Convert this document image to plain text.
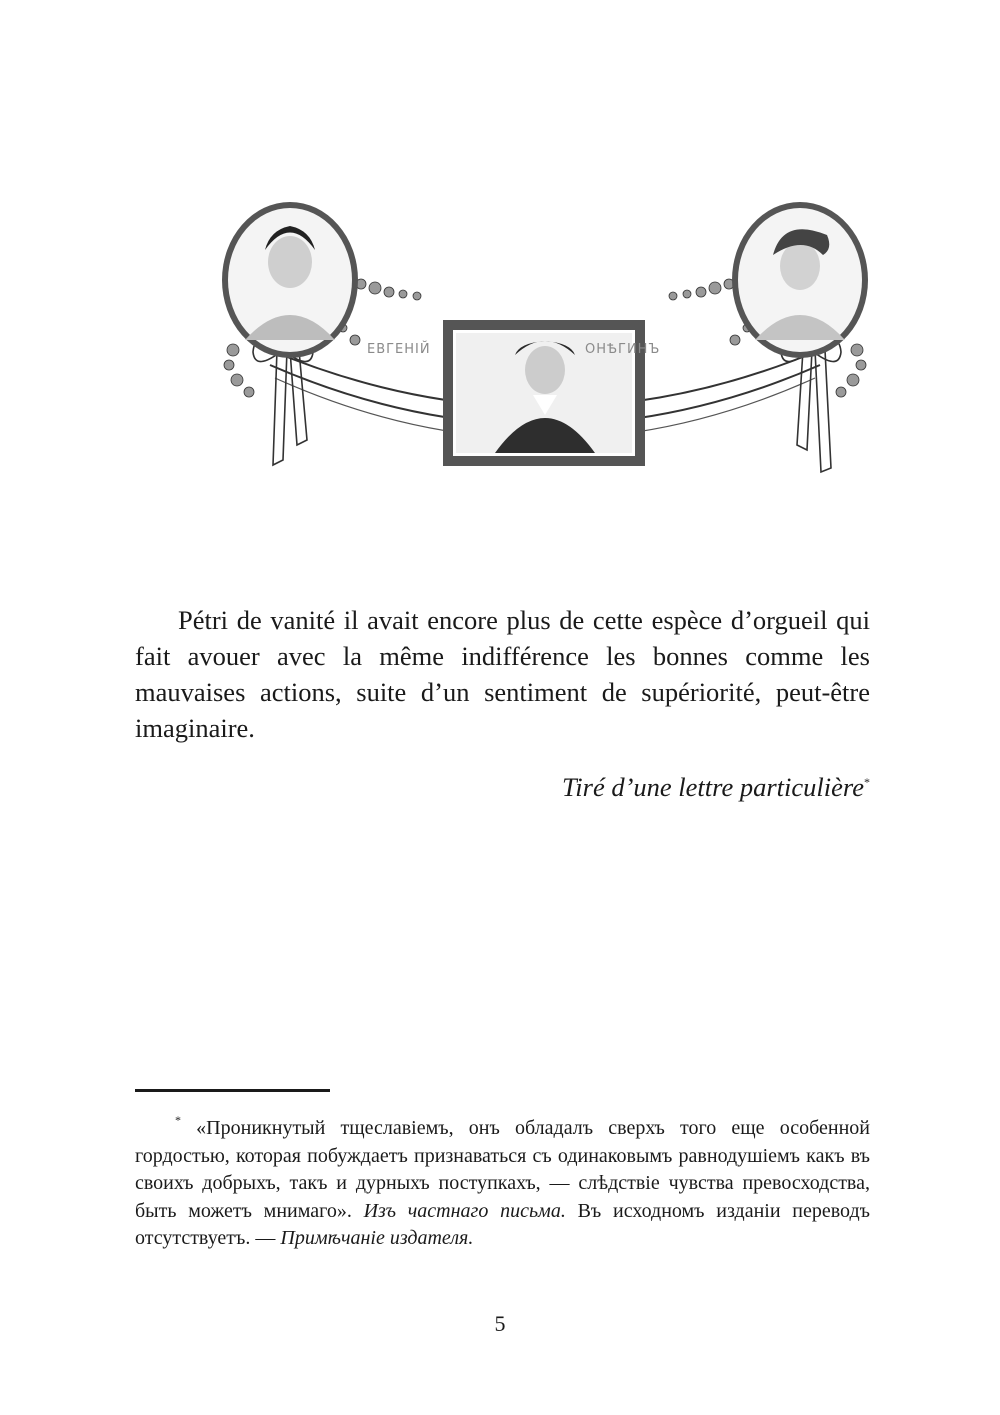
ЕВГЕНІЙ	ОНѢГИНЪ

Pétri de vanité il avait encore plus de cette espèce d’orgueil qui fait avouer avec la même indifférence les bonnes comme les mauvaises actions, suite d’un sentiment de supériorité, peut-être imaginaire.

Tiré d’une lettre particulière*

* «Проникнутый тщеславіемъ, онъ обладалъ сверхъ того еще особенной гордостью, которая побуждаетъ признаваться съ одинаковымъ равнодушіемъ какъ въ своихъ добрыхъ, такъ и дурныхъ поступкахъ, — слѣдствіе чувства превосходства, быть можетъ мнимаго». Изъ частнаго письма. Въ исходномъ изданіи переводъ отсутствуетъ. — Примѣчаніе издателя.

5
